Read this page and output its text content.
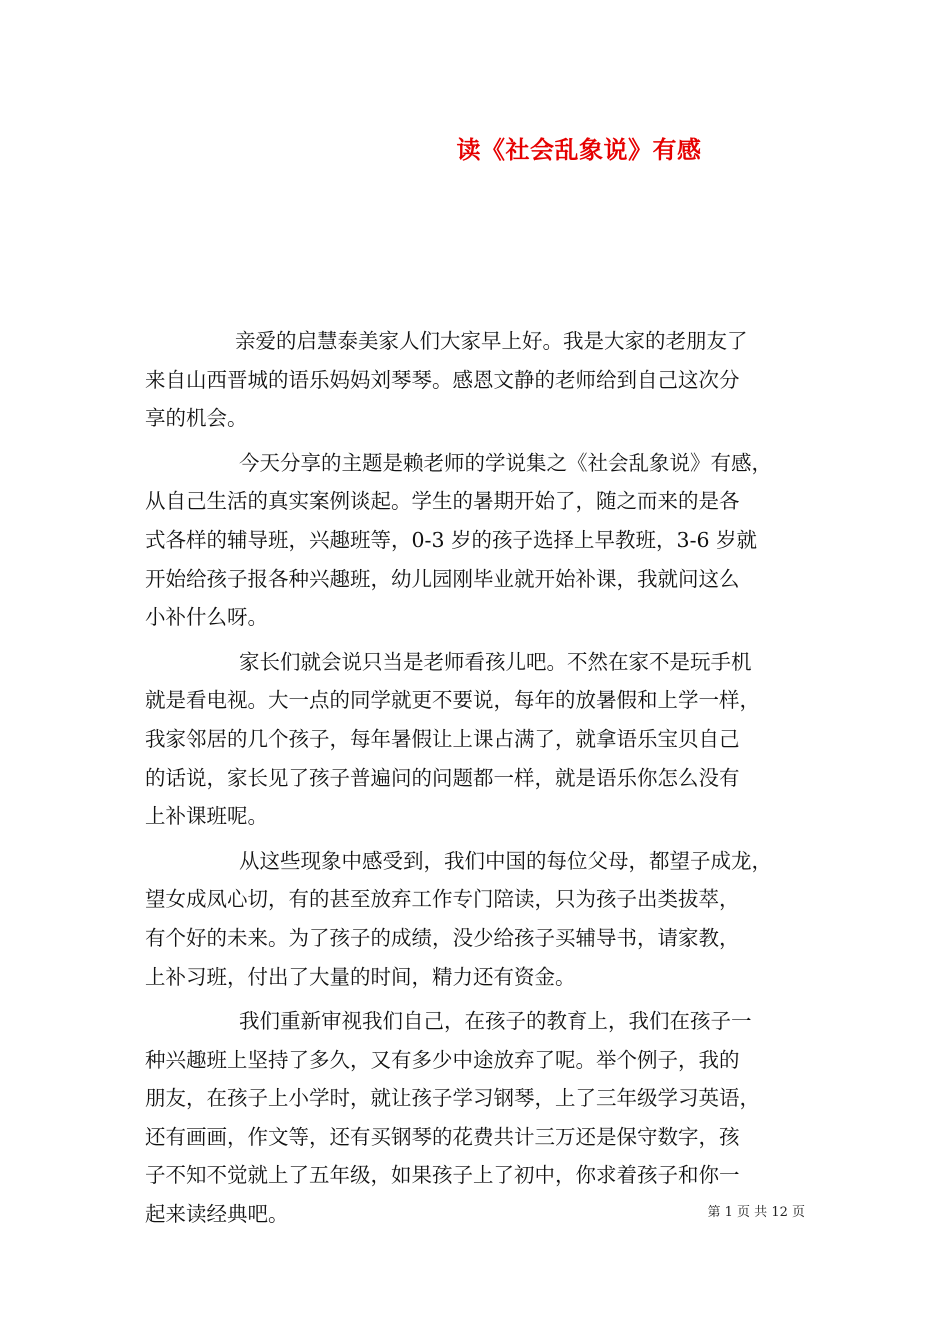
读《社会乱象说》有感
亲爱的启慧泰美家人们大家早上好。我是大家的老朋友了
来自山西晋城的语乐妈妈刘琴琴。感恩文静的老师给到自己这次分
享的机会。
今天分享的主题是赖老师的学说集之《社会乱象说》有感，
从自己生活的真实案例谈起。学生的暑期开始了，随之而来的是各
式各样的辅导班，兴趣班等，0-3 岁的孩子选择上早教班，3-6 岁就
开始给孩子报各种兴趣班，幼儿园刚毕业就开始补课，我就问这么
小补什么呀。
家长们就会说只当是老师看孩儿吧。不然在家不是玩手机
就是看电视。大一点的同学就更不要说，每年的放暑假和上学一样，
我家邻居的几个孩子，每年暑假让上课占满了，就拿语乐宝贝自己
的话说，家长见了孩子普遍问的问题都一样，就是语乐你怎么没有
上补课班呢。
从这些现象中感受到，我们中国的每位父母，都望子成龙，
望女成凤心切，有的甚至放弃工作专门陪读，只为孩子出类拔萃，
有个好的未来。为了孩子的成绩，没少给孩子买辅导书，请家教，
上补习班，付出了大量的时间，精力还有资金。
我们重新审视我们自己，在孩子的教育上，我们在孩子一
种兴趣班上坚持了多久，又有多少中途放弃了呢。举个例子，我的
朋友，在孩子上小学时，就让孩子学习钢琴，上了三年级学习英语，
还有画画，作文等，还有买钢琴的花费共计三万还是保守数字，孩
子不知不觉就上了五年级，如果孩子上了初中，你求着孩子和你一
起来读经典吧。	第 1 页 共 12 页
